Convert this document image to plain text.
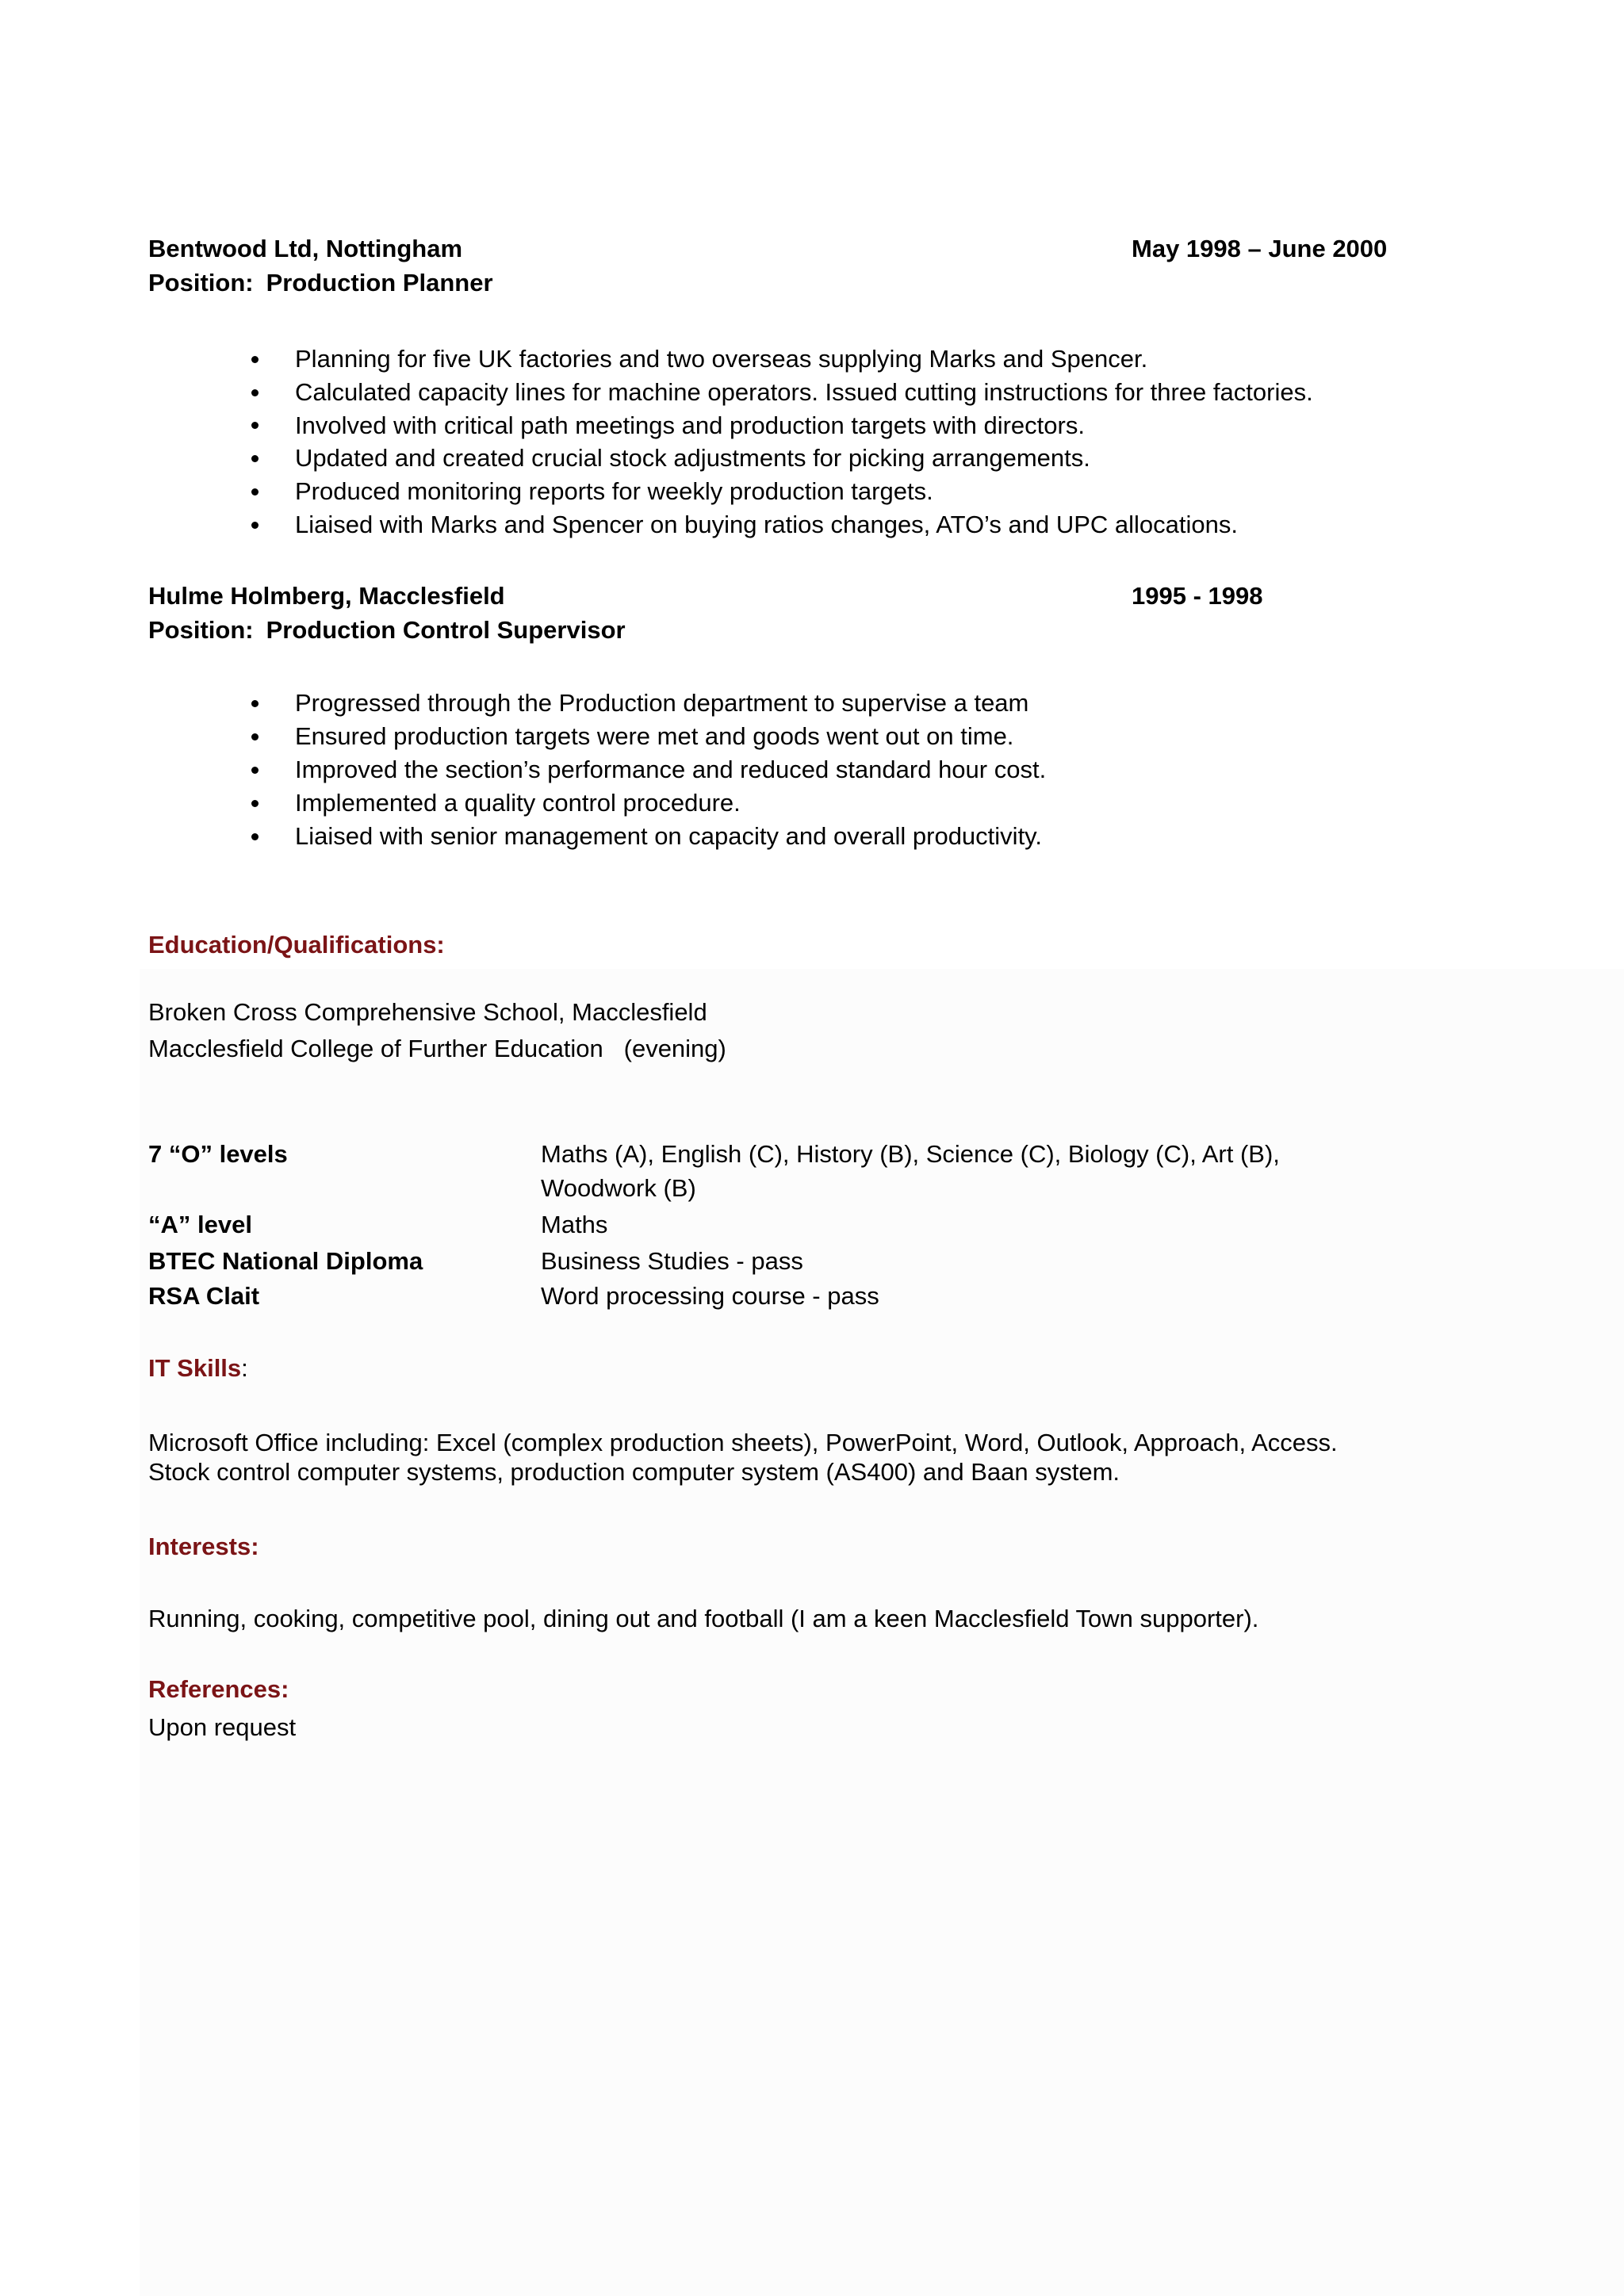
Bentwood Ltd, Nottingham	May 1998 – June 2000
Position: Production Planner
Planning for five UK factories and two overseas supplying Marks and Spencer.
Calculated capacity lines for machine operators. Issued cutting instructions for three factories.
Involved with critical path meetings and production targets with directors.
Updated and created crucial stock adjustments for picking arrangements.
Produced monitoring reports for weekly production targets.
Liaised with Marks and Spencer on buying ratios changes, ATO’s and UPC allocations.
Hulme Holmberg, Macclesfield	1995 - 1998
Position: Production Control Supervisor
Progressed through the Production department to supervise a team
Ensured production targets were met and goods went out on time.
Improved the section’s performance and reduced standard hour cost.
Implemented a quality control procedure.
Liaised with senior management on capacity and overall productivity.
Education/Qualifications:
Broken Cross Comprehensive School, Macclesfield
Macclesfield College of Further Education   (evening)
7 “O” levels	Maths (A), English (C), History (B), Science (C), Biology (C), Art (B),
Woodwork (B)
“A” level	Maths
BTEC National Diploma	Business Studies - pass
RSA Clait	Word processing course - pass
IT Skills:
Microsoft Office including: Excel (complex production sheets), PowerPoint, Word, Outlook, Approach, Access.
Stock control computer systems, production computer system (AS400) and Baan system.
Interests:
Running, cooking, competitive pool, dining out and football (I am a keen Macclesfield Town supporter).
References:
Upon request
